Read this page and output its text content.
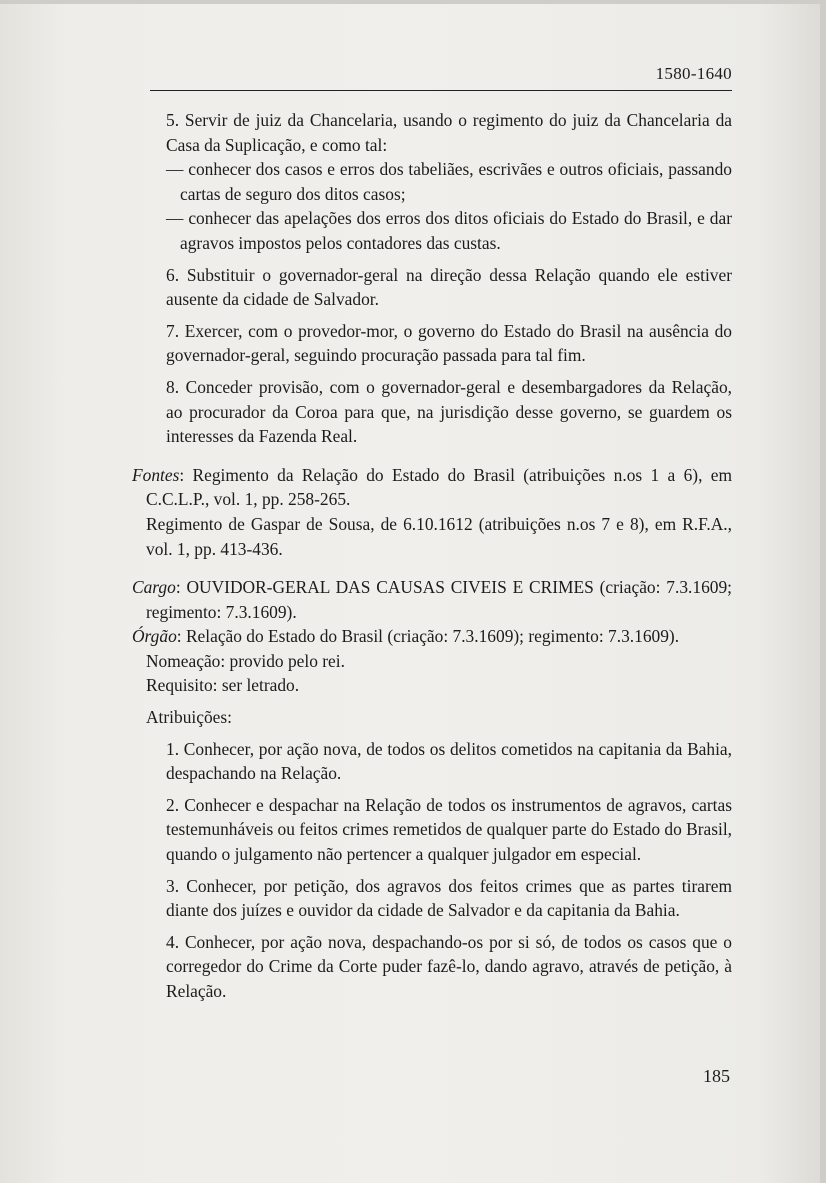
1580-1640

5. Servir de juiz da Chancelaria, usando o regimento do juiz da Chancelaria da Casa da Suplicação, e como tal:

— conhecer dos casos e erros dos tabeliães, escrivães e outros oficiais, passando cartas de seguro dos ditos casos;

— conhecer das apelações dos erros dos ditos oficiais do Estado do Brasil, e dar agravos impostos pelos contadores das custas.

6. Substituir o governador-geral na direção dessa Relação quando ele estiver ausente da cidade de Salvador.

7. Exercer, com o provedor-mor, o governo do Estado do Brasil na ausência do governador-geral, seguindo procuração passada para tal fim.

8. Conceder provisão, com o governador-geral e desembargadores da Relação, ao procurador da Coroa para que, na jurisdição desse governo, se guardem os interesses da Fazenda Real.

Fontes: Regimento da Relação do Estado do Brasil (atribuições n.os 1 a 6), em C.C.L.P., vol. 1, pp. 258-265.

Regimento de Gaspar de Sousa, de 6.10.1612 (atribuições n.os 7 e 8), em R.F.A., vol. 1, pp. 413-436.

Cargo: OUVIDOR-GERAL DAS CAUSAS CIVEIS E CRIMES (criação: 7.3.1609; regimento: 7.3.1609).

Órgão: Relação do Estado do Brasil (criação: 7.3.1609); regimento: 7.3.1609).

Nomeação: provido pelo rei.

Requisito: ser letrado.

Atribuições:

1. Conhecer, por ação nova, de todos os delitos cometidos na capitania da Bahia, despachando na Relação.

2. Conhecer e despachar na Relação de todos os instrumentos de agravos, cartas testemunháveis ou feitos crimes remetidos de qualquer parte do Estado do Brasil, quando o julgamento não pertencer a qualquer julgador em especial.

3. Conhecer, por petição, dos agravos dos feitos crimes que as partes tirarem diante dos juízes e ouvidor da cidade de Salvador e da capitania da Bahia.

4. Conhecer, por ação nova, despachando-os por si só, de todos os casos que o corregedor do Crime da Corte puder fazê-lo, dando agravo, através de petição, à Relação.

185
